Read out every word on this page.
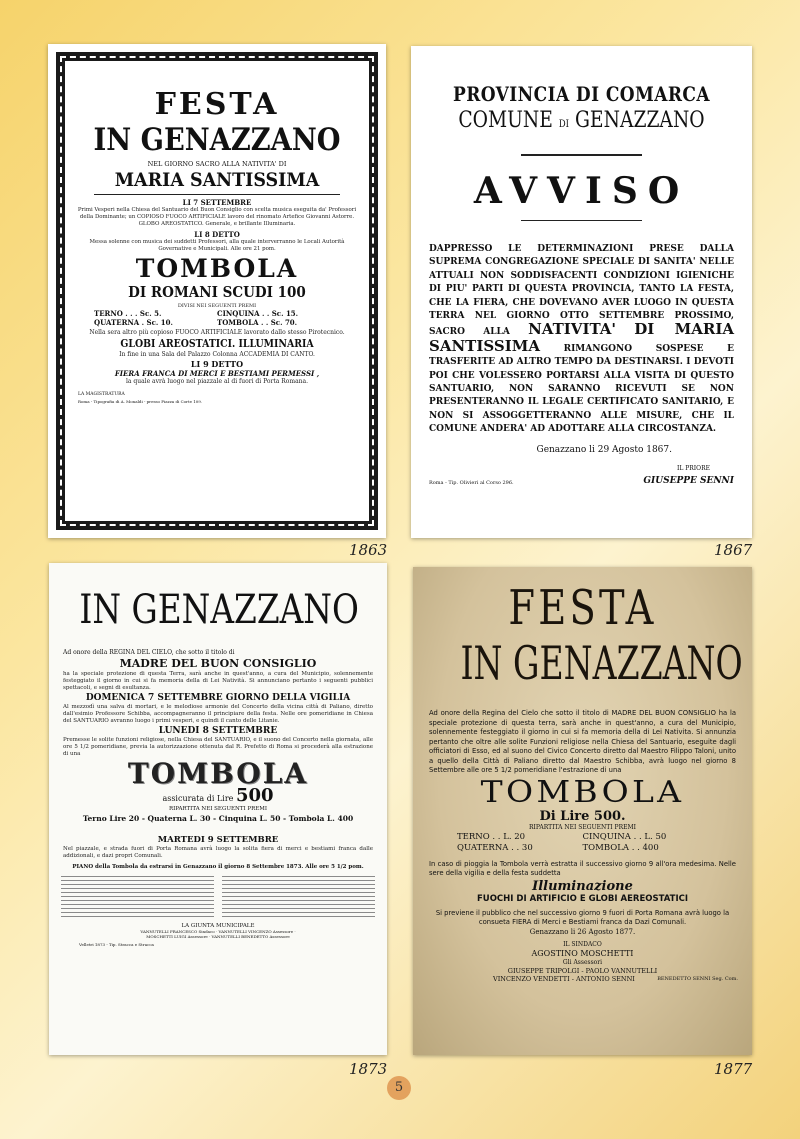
FESTA
IN GENAZZANO
NEL GIORNO SACRO ALLA NATIVITA' DI
MARIA SANTISSIMA
LI 7 SETTEMBRE
Primi Vesperi nella Chiesa del Santuario del Buon Consiglio con scelta musica eseguita da' Professori della Dominante; un COPIOSO FUOCO ARTIFICIALE lavoro del rinomato Artefice Giovanni Astorre. GLOBO AREOSTATICO. Generale, e brillante Illuminaria.
LI 8 DETTO
Messa solenne con musica dei suddetti Professori, alla quale interverranno le Locali Autorità Governative e Municipali. Alle ore 21 pom.
TOMBOLA
DI ROMANI SCUDI 100
DIVISI NEI SEGUENTI PREMI
TERNO . . . Sc. 5.	CINQUINA . . Sc. 15.
QUATERNA . Sc. 10.	TOMBOLA . . Sc. 70.
Nella sera altro più copioso FUOCO ARTIFICIALE lavorato dallo stesso Pirotecnico.
GLOBI AREOSTATICI. ILLUMINARIA
In fine in una Sala del Palazzo Colonna ACCADEMIA DI CANTO.
LI 9 DETTO
FIERA FRANCA DI MERCI E BESTIAMI PERMESSI ,
la quale avrà luogo nel piazzale al di fuori di Porta Romana.
LA MAGISTRATURA
Roma - Tipografia di A. Monaldi - presso Piazza di Corte 109.
1863
PROVINCIA DI COMARCA
COMUNE DI GENAZZANO
AVVISO
DAPPRESSO LE DETERMINAZIONI PRESE DALLA SUPREMA CONGREGAZIONE SPECIALE DI SANITA' NELLE ATTUALI NON SODDISFACENTI CONDIZIONI IGIENICHE DI PIU' PARTI DI QUESTA PROVINCIA, TANTO LA FESTA, CHE LA FIERA, CHE DOVEVANO AVER LUOGO IN QUESTA TERRA NEL GIORNO OTTO SETTEMBRE PROSSIMO, SACRO ALLA NATIVITA' DI MARIA SANTISSIMA	RIMANGONO SOSPESE E TRASFERITE AD ALTRO TEMPO DA DESTINARSI. I DEVOTI POI CHE VOLESSERO PORTARSI ALLA VISITA DI QUESTO SANTUARIO, NON SARANNO RICEVUTI SE NON PRESENTERANNO IL LEGALE CERTIFICATO SANITARIO, E NON SI ASSOGGETTERANNO ALLE MISURE, CHE IL COMUNE ANDERA' AD ADOTTARE ALLA CIRCOSTANZA.
Genazzano li 29 Agosto 1867.
IL PRIORE
Roma - Tip. Olivieri al Corso 296.	GIUSEPPE SENNI
1867
IN GENAZZANO
Ad onore della REGINA DEL CIELO, che sotto il titolo di
MADRE DEL BUON CONSIGLIO
ha la speciale protezione di questa Terra, sarà anche in quest'anno, a cura del Municipio, solennemente festeggiato il giorno in cui si fa memoria della di Lei Natività. Si annunciano pertanto i seguenti pubblici spettacoli, e segni di esultanza.
DOMENICA 7 SETTEMBRE GIORNO DELLA VIGILIA
Al mezzodì una salva di mortari, e le melodiose armonie del Concerto della vicina città di Paliano, diretto dall'esimio Professore Schibba, accompagneranno il principiare della festa. Nelle ore pomeridiane in Chiesa del SANTUARIO avranno luogo i primi vesperi, e quindi il canto delle Litanie.
LUNEDI 8 SETTEMBRE
Premesse le solite funzioni religiose, nella Chiesa del SANTUARIO, e il suono del Concerto nella giornata, alle ore 5 1/2 pomeridiane, previa la autorizzazione ottenuta dal R. Prefetto di Roma si procederà alla estrazione di una
TOMBOLA
assicurata di Lire 500
RIPARTITA NEI SEGUENTI PREMI
Terno Lire 20 - Quaterna L. 30 - Cinquina L. 50 - Tombola L. 400
MARTEDI 9 SETTEMBRE
Nel piazzale, e strada fuori di Porta Romana avrà luogo la solita fiera di merci e bestiami franca dalle addizionali, e dazi propri Comunali.
PIANO della Tombola da estrarsi in Genazzano il giorno 8 Settembre 1873. Alle ore 5 1/2 pom.
LA GIUNTA MUNICIPALE
VANNUTELLI FRANCESCO Sindaco · VANNUTELLI VINCENZO Assessore · MOSCHETTI LUIGI Assessore · VANNUTELLI BENEDETTO Assessore
Velletri 1873 - Tip. Stracca e Stracca
1873
FESTA
IN GENAZZANO
Ad onore della Regina del Cielo che sotto il titolo di MADRE DEL BUON CONSIGLIO ha la speciale protezione di questa terra, sarà anche in quest'anno, a cura del Municipio, solennemente festeggiato il giorno in cui si fa memoria della di Lei Nativita. Si annunzia pertanto che oltre alle solite Funzioni religiose nella Chiesa del Santuario, eseguite dagli officiatori di Esso, ed al suono del Civico Concerto diretto dal Maestro Filippo Taloni, unito a quello della Città di Paliano diretto dal Maestro Schibba, avrà luogo nel giorno 8 Settembre alle ore 5 1/2 pomeridiane l'estrazione di una
TOMBOLA
Di Lire 500.
RIPARTITA NEI SEGUENTI PREMI
TERNO . . L. 20	CINQUINA . . L. 50
QUATERNA . . 30	TOMBOLA . . 400
In caso di pioggia la Tombola verrà estratta il successivo giorno 9 all'ora medesima. Nelle sere della vigilia e della festa suddetta
Illuminazione
FUOCHI DI ARTIFICIO E GLOBI AEREOSTATICI
Si previene il pubblico che nel successivo giorno 9 fuori di Porta Romana avrà luogo la consueta FIERA di Merci e Bestiami franca da Dazi Comunali.
Genazzano li 26 Agosto 1877.
IL SINDACO
AGOSTINO MOSCHETTI
Gli Assessori
GIUSEPPE TRIPOLGI - PAOLO VANNUTELLI
VINCENZO VENDETTI - ANTONIO SENNI	BENEDETTO SENNI Seg. Com.
1877
5
